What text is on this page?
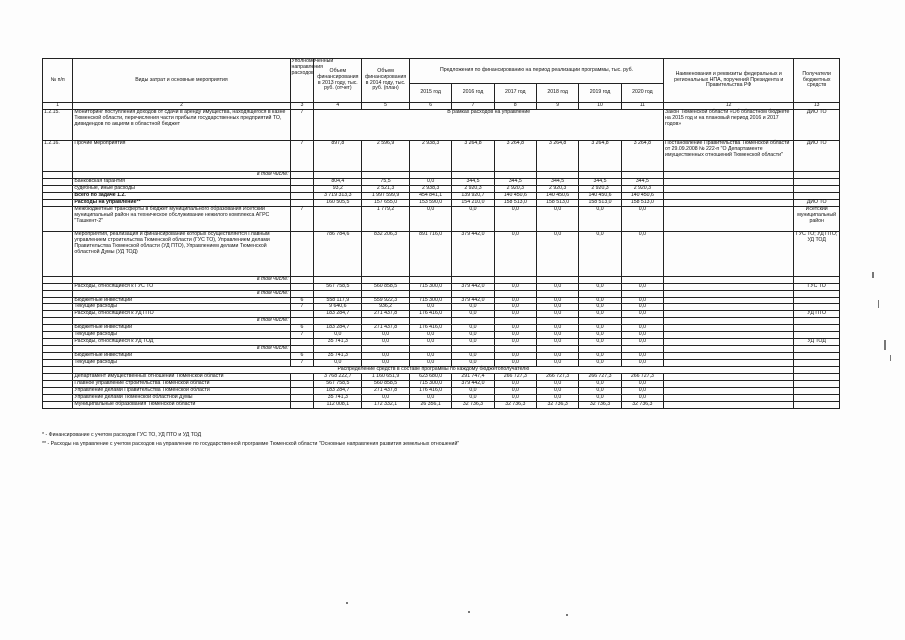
№ п/п	Виды затрат и основные мероприятия	Уполномоченный направления расходов	Объем финансирования в 2013 году, тыс. руб. (отчет)	Объем финансирования в 2014 году, тыс. руб. (план)	Предложения по финансированию на период реализации программы, тыс. руб.						Наименования и реквизиты федеральных и региональных НПА, поручений Президента и Правительства РФ	Получатели бюджетных средств
					2015 год	2016 год	2017 год	2018 год	2019 год	2020 год		
1	2	3	4	5	6	7	8	9	10	11	12	13
1.2.15.	Мониторинг поступления доходов от сдачи в аренду имущества, находящегося в казне Тюменской области, перечисления части прибыли государственных предприятий ТО, дивидендов по акциям в областной бюджет	7	В рамках расходов на управление								Закон Тюменской области «Об областном бюджете на 2015 год и на плановый период 2016 и 2017 годов»	ДИО ТО
1.2.16.	Прочие мероприятия	7	897,8	2 596,9	2 938,3	3 264,8	3 264,8	3 264,8	3 264,8	3 264,8	Постановление Правительства Тюменской области от 29.09.2008 № 222-п "О Департаменте имущественных отношений Тюменской области"	ДИО ТО
	в том числе:											
	Банковская гарантия		804,4	75,5	0,0	344,5	344,5	344,5	344,5	344,5		
	судебные, иные расходы		93,2	2 521,3	2 938,3	2 920,3	2 920,3	2 920,3	2 920,3	2 920,3		
	Всего по задаче 1.2.		3 719 313,3	1 997 599,9	454 841,1	139 920,7	140 450,6	140 450,6	140 450,6	140 450,6		
	Расходы на управление**		160 505,5	157 655,0	153 590,0	154 210,0	158 513,0	158 513,0	158 513,0	158 513,0		ДИО ТО
	Межбюджетные трансферты в бюджет муниципального образования Исетский муниципальный район на техническое обслуживание нежилого комплекса АГРС "Ташкент-2"	7		1 779,2	0,0	0,0	0,0	0,0	0,0	0,0		Исетский муниципальный район
	Мероприятия, реализация и финансирование которых осуществляется Главным управлением строительства Тюменской области (ГУС ТО), Управлением делами Правительства Тюменской области (УД ПТО), Управлением делами Тюменской областной Думы (УД ТОД)		786 784,6	832 206,3	891 716,0	379 442,0	0,0	0,0	0,0	0,0		ГУС ТО; УД ПТО; УД ТОД
	в том числе:											
	Расходы, относящиеся к ГУС ТО		567 758,5	560 858,5	715 300,0	379 442,0	0,0	0,0	0,0	0,0		ГУС ТО
	в том числе:											
	Бюджетные инвестиции	6	558 117,9	559 922,3	715 300,0	379 442,0	0,0	0,0	0,0	0,0		
	Текущие расходы	7	9 640,6	936,2	0,0	0,0	0,0	0,0	0,0	0,0		
	Расходы, относящиеся к УД ПТО		183 284,7	271 437,8	176 416,0	0,0	0,0	0,0	0,0	0,0		УД ПТО
	в том числе:											
	Бюджетные инвестиции	6	183 284,7	271 437,8	176 416,0	0,0	0,0	0,0	0,0	0,0		
	Текущие расходы	7	0,0	0,0	0,0	0,0	0,0	0,0	0,0	0,0		
	Расходы, относящиеся к УД ТОД		35 741,3	0,0	0,0	0,0	0,0	0,0	0,0	0,0		УД ТОД
	в том числе:											
	Бюджетные инвестиции	6	35 741,3	0,0	0,0	0,0	0,0	0,0	0,0	0,0		
	Текущие расходы	7	0,0	0,0	0,0	0,0	0,0	0,0	0,0	0,0		
	Распределение средств в составе программы по каждому бюджетополучателю											
	Департамент имущественных отношений Тюменской области		3 768 222,7	1 160 651,9	623 680,0	291 747,4	266 727,3	266 727,3	266 727,3	266 727,3		
	Главное управление строительства Тюменской области		567 758,5	560 858,5	715 300,0	379 442,0	0,0	0,0	0,0	0,0		
	Управление делами Правительства Тюменской области		183 284,7	271 437,8	176 416,0	0,0	0,0	0,0	0,0	0,0		
	Управление делами Тюменской областной Думы		35 741,3	0,0	0,0	0,0	0,0	0,0	0,0	0,0		
	Муниципальные образования Тюменской области		112 008,1	172 332,1	26 356,1	32 736,3	32 736,3	32 736,3	32 736,3	32 736,3		
* - Финансирование с учетом расходов ГУС ТО, УД ПТО и УД ТОД
** - Расходы на управление с учетом расходов на управление по государственной программе Тюменской области "Основные направления развития земельных отношений"
